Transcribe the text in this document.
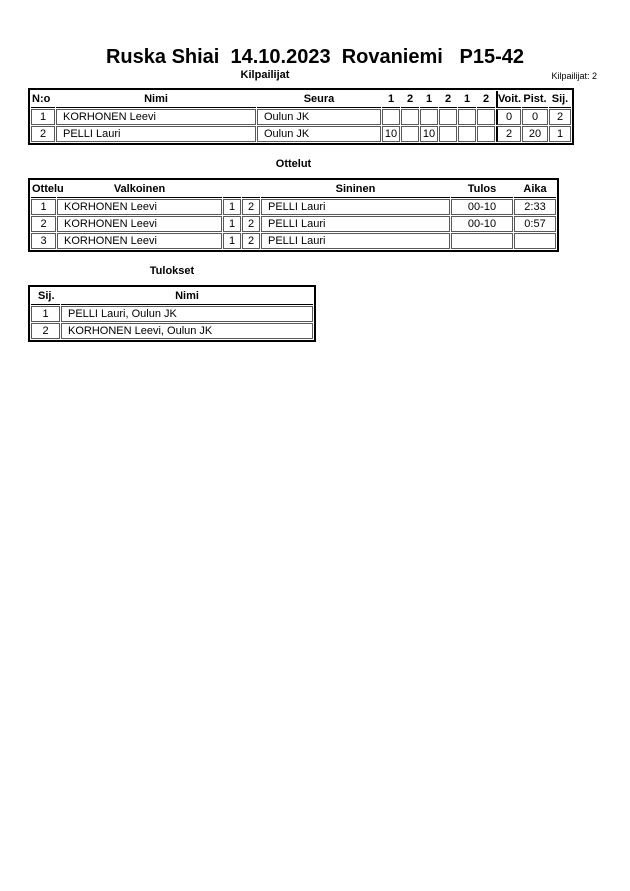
Ruska Shiai  14.10.2023  Rovaniemi   P15-42
Kilpailijat	Kilpailijat: 2
N:o	Nimi	Seura	1	2	1	2	1	2	Voit.	Pist.	Sij.
1	KORHONEN Leevi	Oulun JK							0	0	2
2	PELLI Lauri	Oulun JK	10		10				2	20	1
Ottelut
Ottelu	Valkoinen			Sininen	Tulos	Aika
1	KORHONEN Leevi	1	2	PELLI Lauri	00-10	2:33
2	KORHONEN Leevi	1	2	PELLI Lauri	00-10	0:57
3	KORHONEN Leevi	1	2	PELLI Lauri		
Tulokset
Sij.	Nimi
1	PELLI Lauri, Oulun JK
2	KORHONEN Leevi, Oulun JK
